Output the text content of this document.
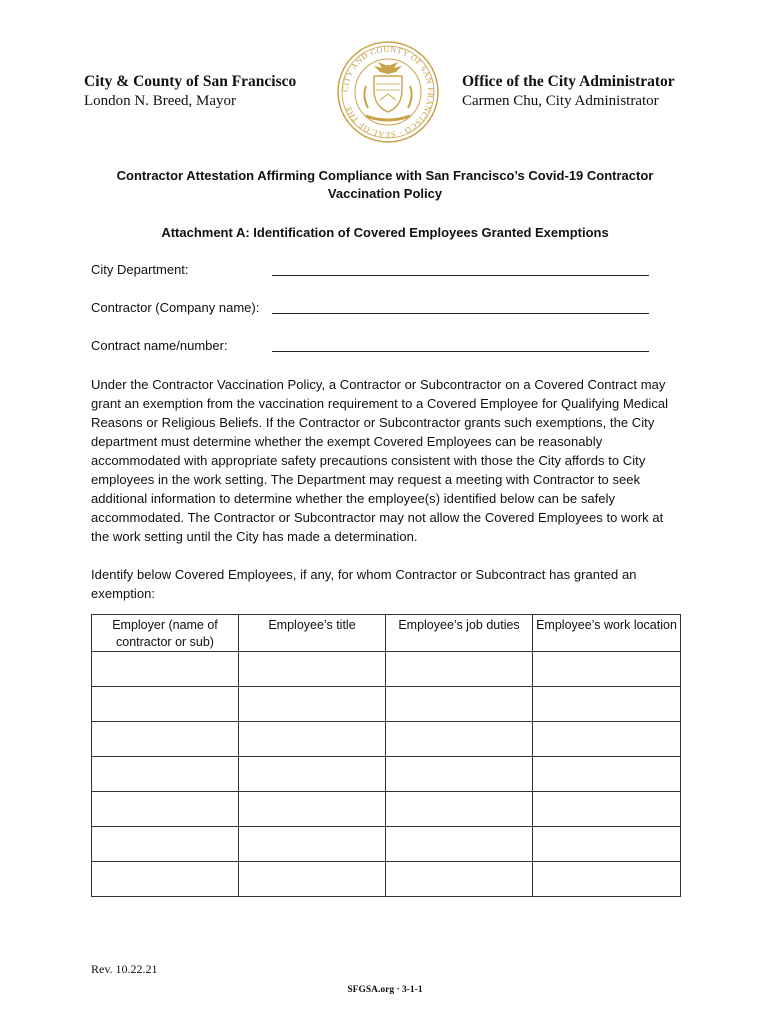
City & County of San Francisco
London N. Breed, Mayor
CITY AND COUNTY OF SAN FRANCISCO · SEAL OF THE
Office of the City Administrator
Carmen Chu, City Administrator
Contractor Attestation Affirming Compliance with San Francisco’s Covid-19 Contractor
Vaccination Policy
Attachment A: Identification of Covered Employees Granted Exemptions
City Department:
Contractor (Company name):
Contract name/number:
Under the Contractor Vaccination Policy, a Contractor or Subcontractor on a Covered Contract may grant an exemption from the vaccination requirement to a Covered Employee for Qualifying Medical Reasons or Religious Beliefs. If the Contractor or Subcontractor grants such exemptions, the City department must determine whether the exempt Covered Employees can be reasonably accommodated with appropriate safety precautions consistent with those the City affords to City employees in the work setting. The Department may request a meeting with Contractor to seek additional information to determine whether the employee(s) identified below can be safely accommodated. The Contractor or Subcontractor may not allow the Covered Employees to work at the work setting until the City has made a determination.
Identify below Covered Employees, if any, for whom Contractor or Subcontract has granted an exemption:
Employer (name of contractor or sub)	Employee’s title	Employee’s job duties	Employee’s work location

Rev. 10.22.21
SFGSA.org · 3-1-1
